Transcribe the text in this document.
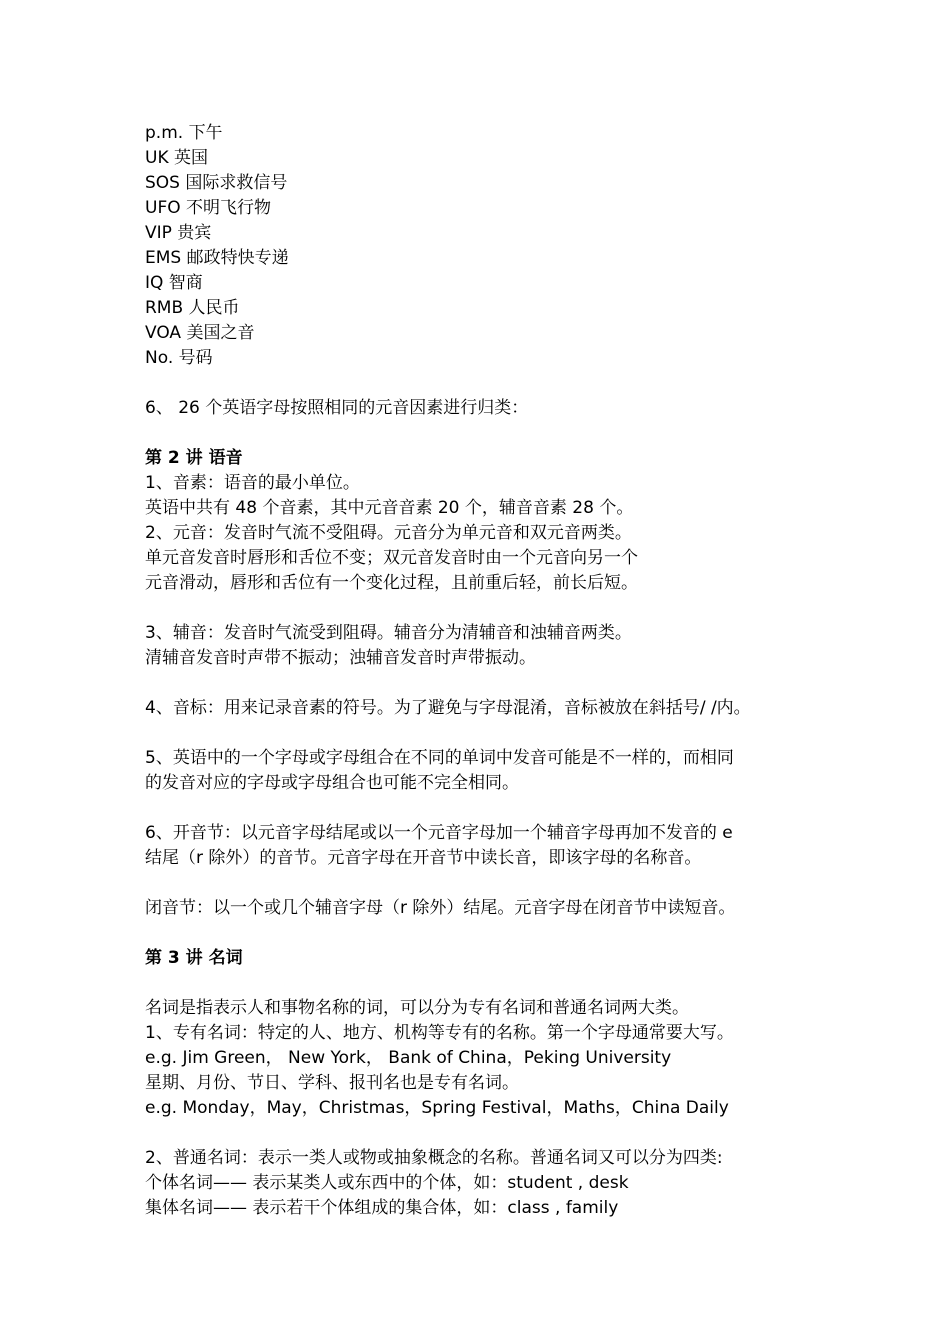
p.m. 下午
UK 英国
SOS 国际求救信号
UFO 不明飞行物
VIP 贵宾
EMS 邮政特快专递
IQ 智商
RMB 人民币
VOA 美国之音
No. 号码
6、 26 个英语字母按照相同的元音因素进行归类：
第 2 讲 语音
1、音素：语音的最小单位。
英语中共有 48 个音素，其中元音音素 20 个，辅音音素 28 个。
2、元音：发音时气流不受阻碍。元音分为单元音和双元音两类。
单元音发音时唇形和舌位不变；双元音发音时由一个元音向另一个
元音滑动，唇形和舌位有一个变化过程，且前重后轻，前长后短。
3、辅音：发音时气流受到阻碍。辅音分为清辅音和浊辅音两类。
清辅音发音时声带不振动；浊辅音发音时声带振动。
4、音标：用来记录音素的符号。为了避免与字母混淆，音标被放在斜括号/ /内。
5、英语中的一个字母或字母组合在不同的单词中发音可能是不一样的，而相同
的发音对应的字母或字母组合也可能不完全相同。
6、开音节：以元音字母结尾或以一个元音字母加一个辅音字母再加不发音的 e
结尾（r 除外）的音节。元音字母在开音节中读长音，即该字母的名称音。
闭音节：以一个或几个辅音字母（r 除外）结尾。元音字母在闭音节中读短音。
第 3 讲 名词
名词是指表示人和事物名称的词，可以分为专有名词和普通名词两大类。
1、专有名词：特定的人、地方、机构等专有的名称。第一个字母通常要大写。
e.g. Jim Green， New York， Bank of China，Peking University
星期、月份、节日、学科、报刊名也是专有名词。
e.g. Monday，May，Christmas，Spring Festival，Maths，China Daily
2、普通名词：表示一类人或物或抽象概念的名称。普通名词又可以分为四类:
个体名词—— 表示某类人或东西中的个体，如：student , desk
集体名词—— 表示若干个体组成的集合体，如：class , family
